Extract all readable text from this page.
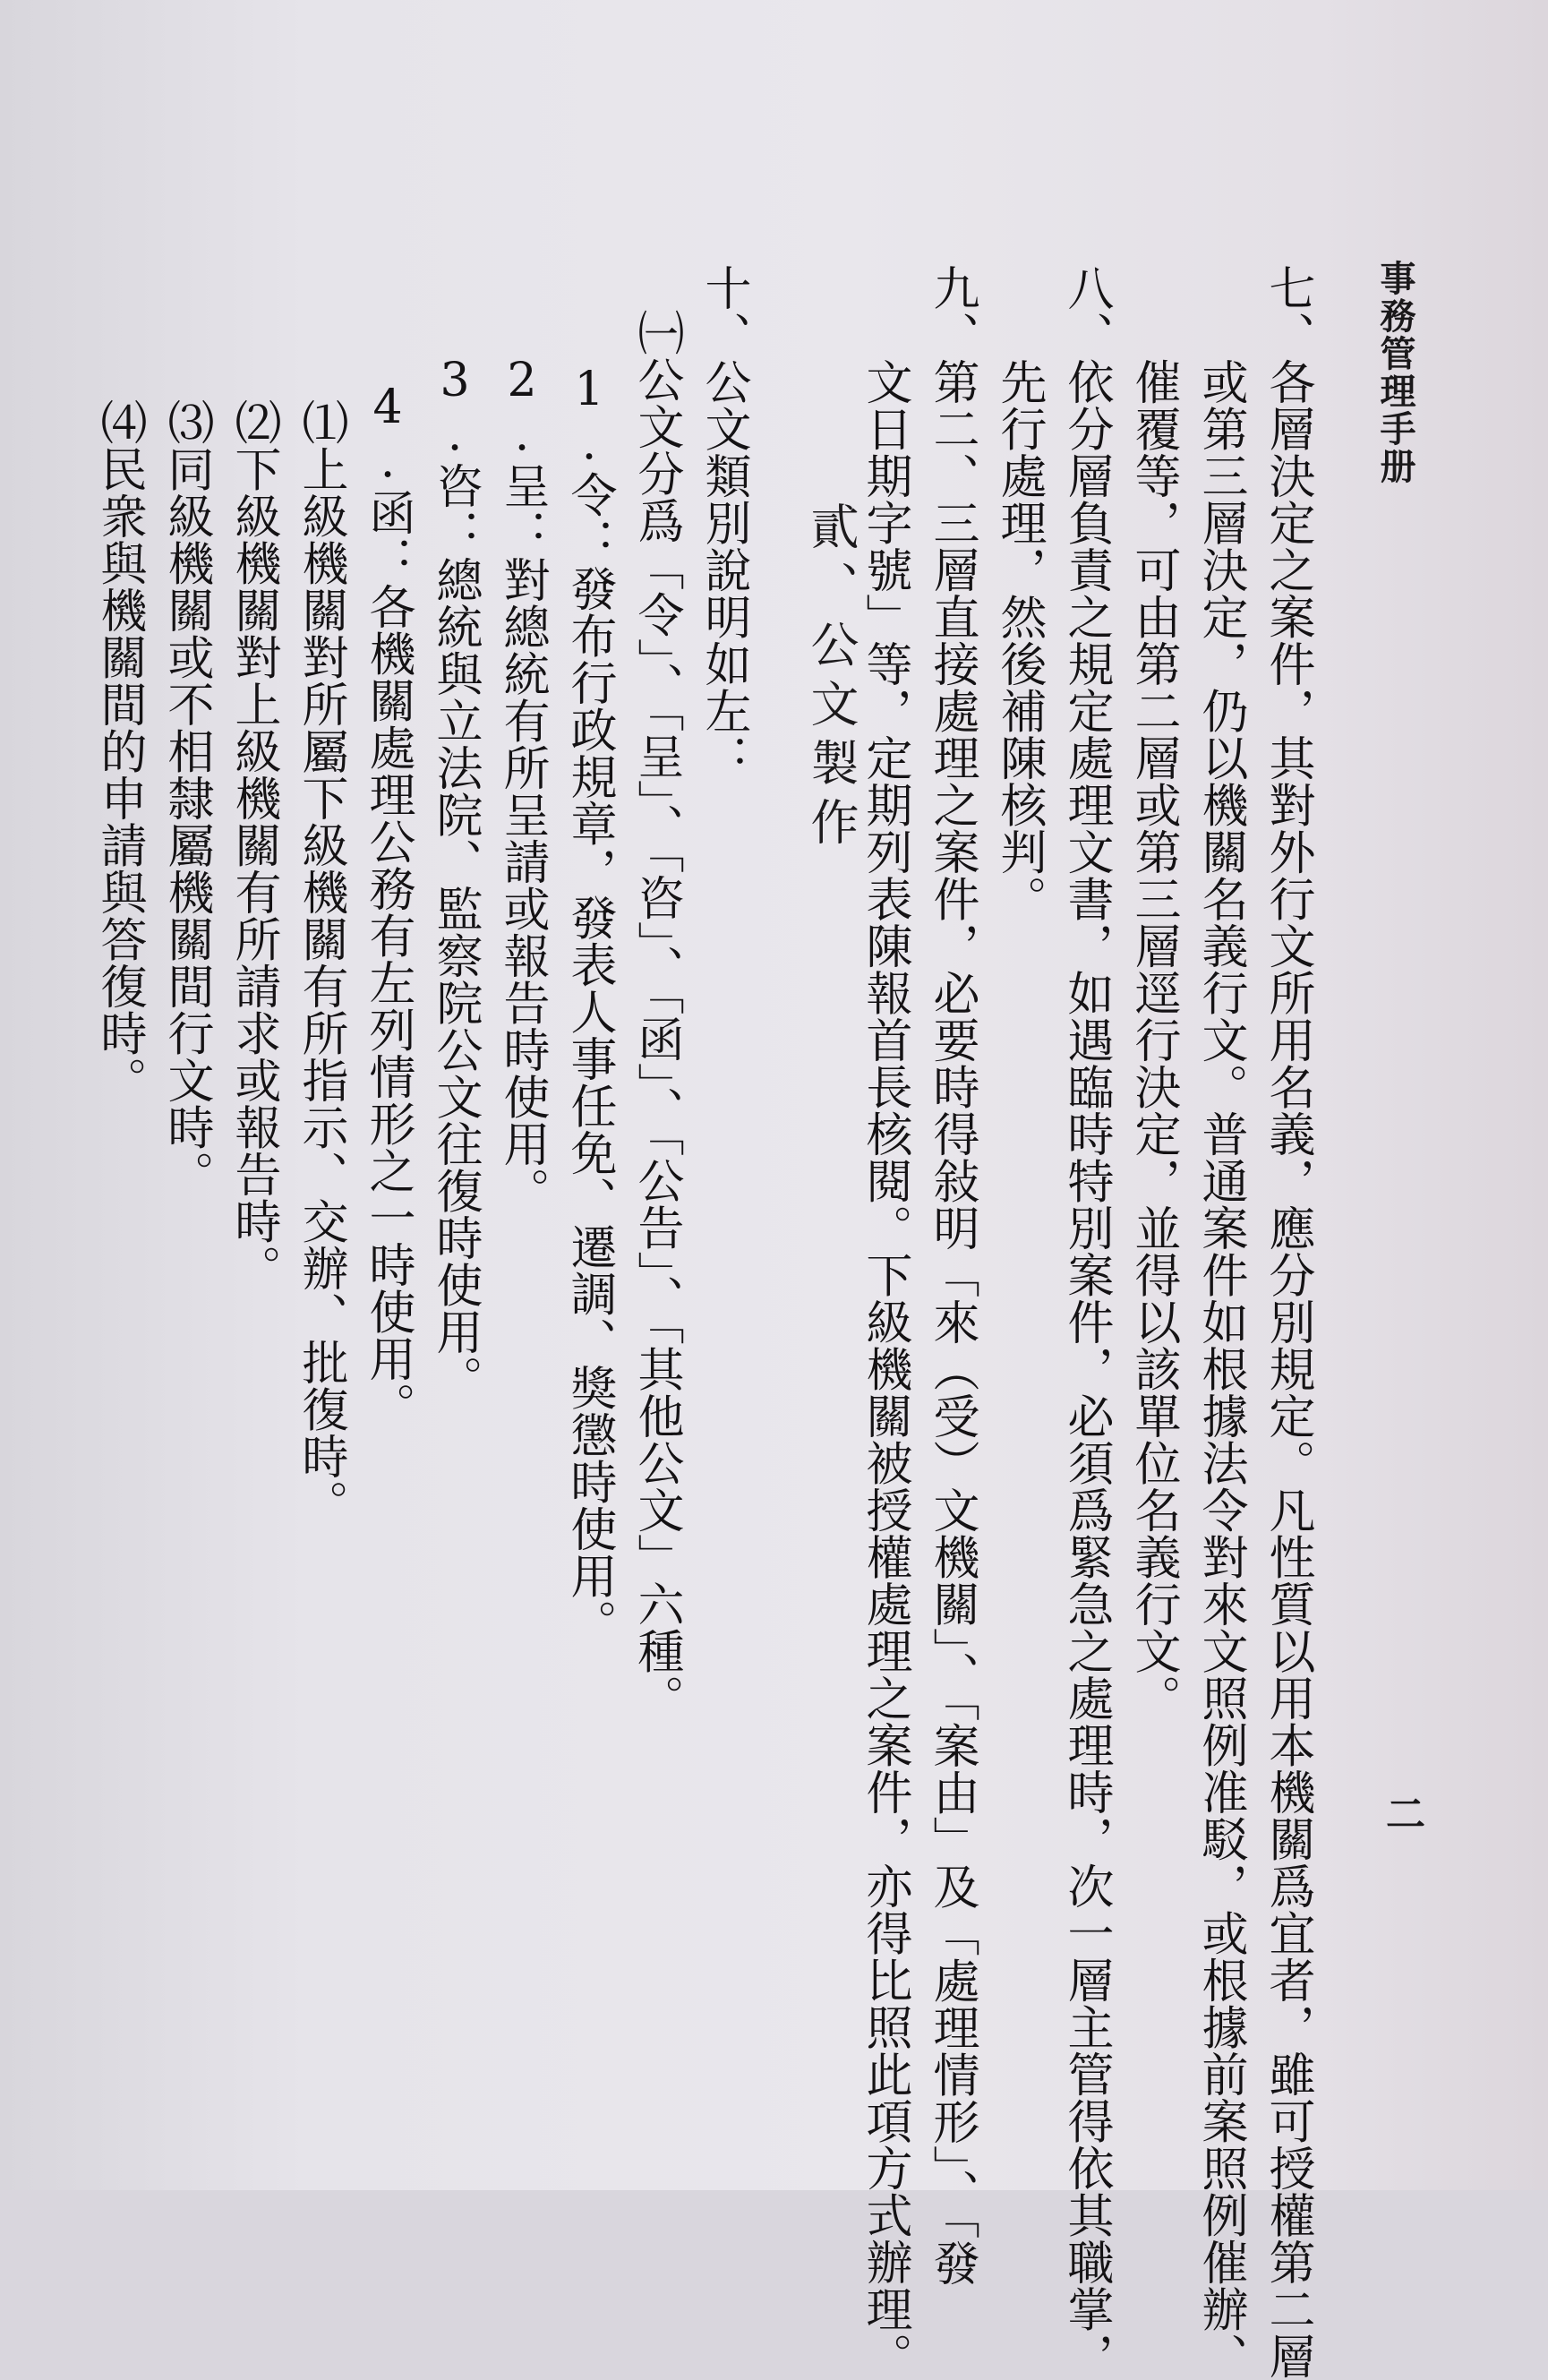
事務管理手册
二
七、各層決定之案件，其對外行文所用名義，應分別規定。凡性質以用本機關爲宜者，雖可授權第二層
或第三層決定，仍以機關名義行文。普通案件如根據法令對來文照例准駁，或根據前案照例催辦、
催覆等，可由第二層或第三層逕行決定，並得以該單位名義行文。
八、依分層負責之規定處理文書，如遇臨時特別案件，必須爲緊急之處理時，次一層主管得依其職掌，
先行處理，然後補陳核判。
九、第二、三層直接處理之案件，必要時得敍明「來（受）文機關」、「案由」及「處理情形」、「發
文日期字號」等，定期列表陳報首長核閱。下級機關被授權處理之案件，亦得比照此項方式辦理。
貳、公文製作
十、公文類別說明如左：
㈠公文分爲「令」、「呈」、「咨」、「函」、「公告」、「其他公文」六種。
1.令：發布行政規章，發表人事任免、遷調、獎懲時使用。
2.呈：對總統有所呈請或報告時使用。
3.咨：總統與立法院、監察院公文往復時使用。
4.函：各機關處理公務有左列情形之一時使用。
⑴上級機關對所屬下級機關有所指示、交辦、批復時。
⑵下級機關對上級機關有所請求或報告時。
⑶同級機關或不相隸屬機關間行文時。
⑷民衆與機關間的申請與答復時。
